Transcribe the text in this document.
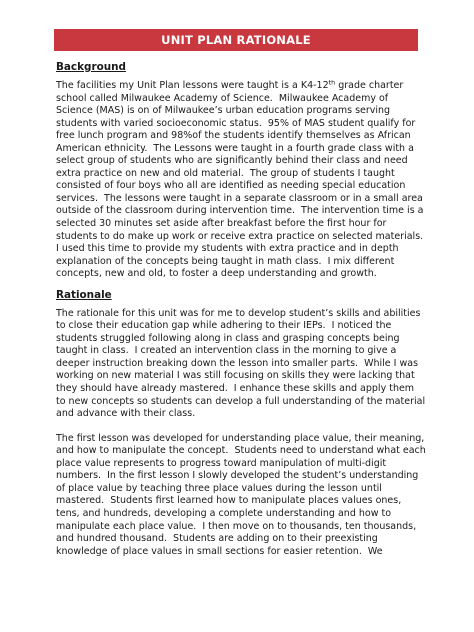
UNIT PLAN RATIONALE

Background

The facilities my Unit Plan lessons were taught is a K4-12th grade charter
school called Milwaukee Academy of Science.  Milwaukee Academy of
Science (MAS) is on of Milwaukee’s urban education programs serving
students with varied socioeconomic status.  95% of MAS student qualify for
free lunch program and 98%of the students identify themselves as African
American ethnicity.  The Lessons were taught in a fourth grade class with a
select group of students who are significantly behind their class and need
extra practice on new and old material.  The group of students I taught
consisted of four boys who all are identified as needing special education
services.  The lessons were taught in a separate classroom or in a small area
outside of the classroom during intervention time.  The intervention time is a
selected 30 minutes set aside after breakfast before the first hour for
students to do make up work or receive extra practice on selected materials.
I used this time to provide my students with extra practice and in depth
explanation of the concepts being taught in math class.  I mix different
concepts, new and old, to foster a deep understanding and growth.

Rationale

The rationale for this unit was for me to develop student’s skills and abilities
to close their education gap while adhering to their IEPs.  I noticed the
students struggled following along in class and grasping concepts being
taught in class.  I created an intervention class in the morning to give a
deeper instruction breaking down the lesson into smaller parts.  While I was
working on new material I was still focusing on skills they were lacking that
they should have already mastered.  I enhance these skills and apply them
to new concepts so students can develop a full understanding of the material
and advance with their class.
The first lesson was developed for understanding place value, their meaning,
and how to manipulate the concept.  Students need to understand what each
place value represents to progress toward manipulation of multi-digit
numbers.  In the first lesson I slowly developed the student’s understanding
of place value by teaching three place values during the lesson until
mastered.  Students first learned how to manipulate places values ones,
tens, and hundreds, developing a complete understanding and how to
manipulate each place value.  I then move on to thousands, ten thousands,
and hundred thousand.  Students are adding on to their preexisting
knowledge of place values in small sections for easier retention.  We
